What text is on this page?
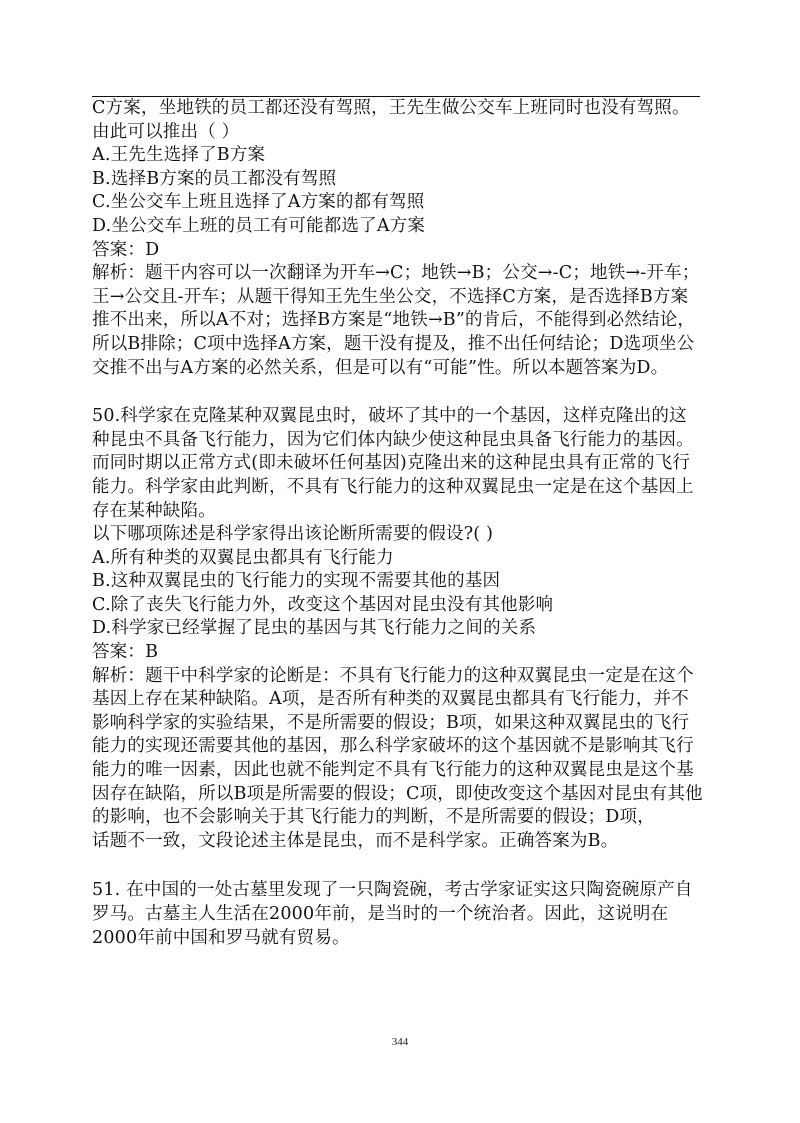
C方案，坐地铁的员工都还没有驾照，王先生做公交车上班同时也没有驾照。由此可以推出（ ）

A.王先生选择了B方案

B.选择B方案的员工都没有驾照

C.坐公交车上班且选择了A方案的都有驾照

D.坐公交车上班的员工有可能都选了A方案

答案：D

解析：题干内容可以一次翻译为开车→C；地铁→B；公交→-C；地铁→-开车；王→公交且-开车；从题干得知王先生坐公交，不选择C方案，是否选择B方案推不出来，所以A不对；选择B方案是“地铁→B”的肯后，不能得到必然结论，所以B排除；C项中选择A方案，题干没有提及，推不出任何结论；D选项坐公交推不出与A方案的必然关系，但是可以有“可能”性。所以本题答案为D。

50.科学家在克隆某种双翼昆虫时，破坏了其中的一个基因，这样克隆出的这种昆虫不具备飞行能力，因为它们体内缺少使这种昆虫具备飞行能力的基因。而同时期以正常方式(即未破坏任何基因)克隆出来的这种昆虫具有正常的飞行能力。科学家由此判断，不具有飞行能力的这种双翼昆虫一定是在这个基因上存在某种缺陷。

以下哪项陈述是科学家得出该论断所需要的假设?( )

A.所有种类的双翼昆虫都具有飞行能力

B.这种双翼昆虫的飞行能力的实现不需要其他的基因

C.除了丧失飞行能力外，改变这个基因对昆虫没有其他影响

D.科学家已经掌握了昆虫的基因与其飞行能力之间的关系

答案：B

解析：题干中科学家的论断是：不具有飞行能力的这种双翼昆虫一定是在这个基因上存在某种缺陷。A项，是否所有种类的双翼昆虫都具有飞行能力，并不影响科学家的实验结果，不是所需要的假设；B项，如果这种双翼昆虫的飞行能力的实现还需要其他的基因，那么科学家破坏的这个基因就不是影响其飞行能力的唯一因素，因此也就不能判定不具有飞行能力的这种双翼昆虫是这个基因存在缺陷，所以B项是所需要的假设；C项，即使改变这个基因对昆虫有其他的影响，也不会影响关于其飞行能力的判断，不是所需要的假设；D项，

话题不一致，文段论述主体是昆虫，而不是科学家。正确答案为B。

51. 在中国的一处古墓里发现了一只陶瓷碗，考古学家证实这只陶瓷碗原产自罗马。古墓主人生活在2000年前，是当时的一个统治者。因此，这说明在2000年前中国和罗马就有贸易。

344
